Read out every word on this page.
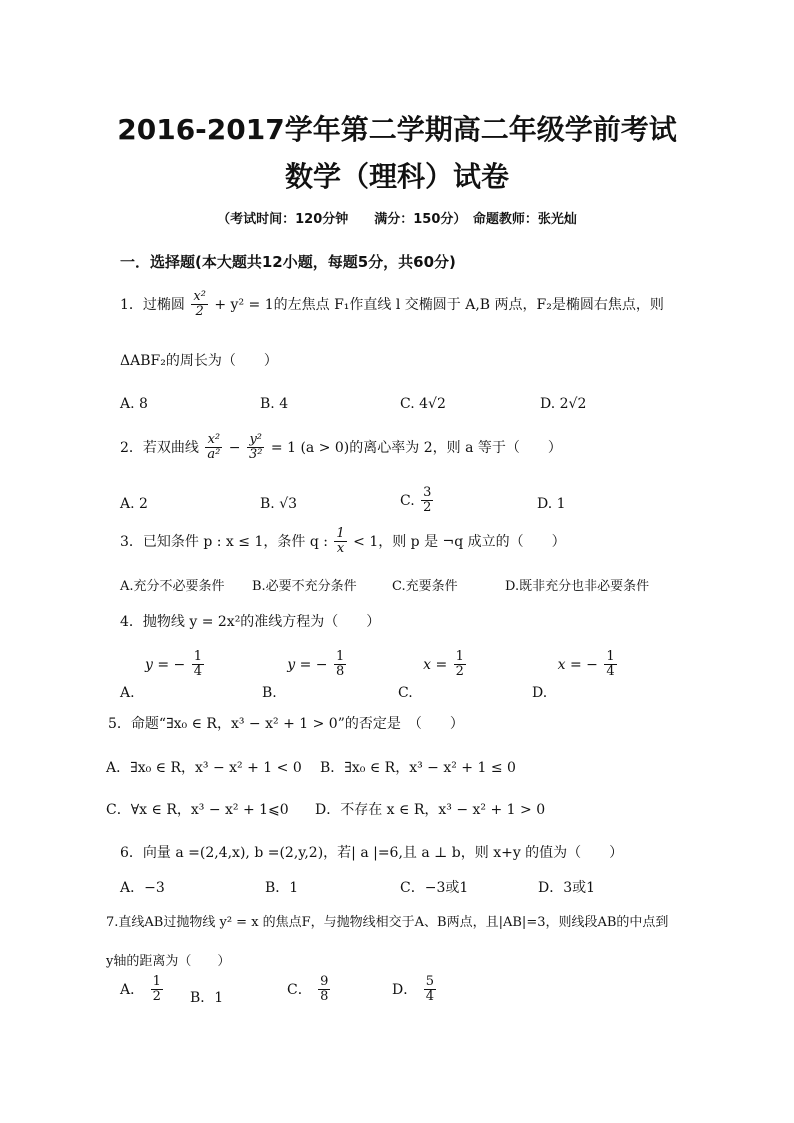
2016-2017学年第二学期高二年级学前考试
数学（理科）试卷
（考试时间：120分钟　　满分：150分）　命题教师：张光灿
一．选择题(本大题共12小题，每题5分，共60分)
1．过椭圆 $\frac{\text{x²}}{2} + y^2 = 1$的左焦点 F₁作直线 l 交椭圆于 A,B 两点，F₂是椭圆右焦点，则
ΔABF₂的周长为（　　）
A. 8	B. 4	C. 4√2	D. 2√2
2．若双曲线 $\frac{\text{x²}}{\text{a²}} - \frac{\text{y²}}{\text{3²}} = 1$ (a > 0)的离心率为 2，则 a 等于（　　）
A. 2	B. √3	C. $\frac{3}{2}$	D. 1
3．已知条件 p : x ≤ 1，条件 q : $\frac{1}{x} < 1$，则 p 是 ¬q 成立的（　　）
A.充分不必要条件 B.必要不充分条件	C.充要条件	D.既非充分也非必要条件
4．抛物线 y = 2x²的准线方程为（　　）
A. y = − $\frac{1}{4}$
B. y = − $\frac{1}{8}$
C. $x = \frac{1}{2}$
D. x = − $\frac{1}{4}$
5．命题“∃x₀ ∈ R，x³ − x² + 1 > 0”的否定是　（　　）
A．∃x₀ ∈ R，x³ − x² + 1 < 0 B．∃x₀ ∈ R，x³ − x² + 1 ≤ 0
C．∀x ∈ R，x³ − x² + 1⩽0 D．不存在 x ∈ R，x³ − x² + 1 > 0
6．向量 a =(2,4,x), b =(2,y,2)，若| a |=6,且 a ⊥ b，则 x+y 的值为（　　）
A．−3	B．1	C．−3或1	D．3或1
7.直线AB过抛物线 y² = x 的焦点F，与抛物线相交于A、B两点，且|AB|=3，则线段AB的中点到
y轴的距离为（　　）
A． $\frac{1}{2}$ B．1
C． $\frac{9}{8}$	D． $\frac{5}{4}$
